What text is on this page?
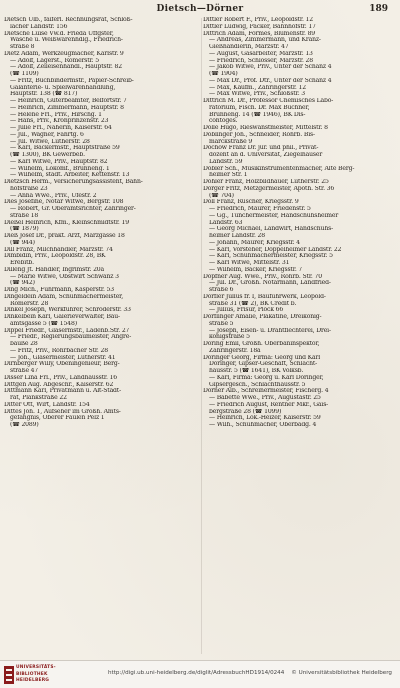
Dietsch—Dörner	189
Dietsch Ulb., faiferl. Rechnungsrat, Schloß-
lacher Landstr. 156
Dietsche Luise Vw.d. Frieda Uffgster,
Wäsche u. Weißwarenhdlg., Friedrich-
straße 8
Dietz Adam, Werkzeugmacher, Karlstr. 9
— Adolf, Lagerst., Römerstr. 5
— Adolf, Zeileisenhändl., Hauptstr. 82
(☎ 1109)
— Fritz, Buchbindermstr., Papier-Schreib-
Galanterie- u. Spielwarenhandlung,
Hauptstr. 138 (☎ 817)
— Heinrich, Güterbeamter, Belfortstr. 7
— Heinrich, Zimmermann, Hauptstr. 8
— Helene Frl., Priv., Hirschg. 1
— Hans, Priv., Kronprinzenstr. 23
— Julie Frl., Näherin, Kaiserstr. 64
— Jul., Wagner, Fahrtg. 6
— Jul. Witwe, Lutherstr. 28
— Karl, Bäckermstr., Hauptstraße 59
(☎ 1300), BK Gewerbeb.
— Karl Witwe, Priv., Hauptstr. 82
— Wilhelm, Lokomf., Brunneng. 1
— Wilhelm, städt. Arbeiter, Kettenstr. 13
Dietzsch Herm., Versicherungsassistent, Bahn-
hofstraße 23
— Anna Wwe., Priv., Ufestr. 2
Dies Josefine, Notar Witwe, Bergstr. 108
— Robert, Gr. Oberamtsrichter, Zähringer-
straße 18
Dießel Heinrich, Kfm., Kleinschmidtstr. 19
(☎ 1879)
Dieß Josef Dr., prakt. Arzt, Märzgasse 18
(☎ 944)
Dill Franz, Milchhändler, Märzstr. 74
Dimbidin, Priv., Leopoldstr. 28, BK
Erebitb.
Dilleng Jt. Händler, Ingrimstr. 20a
— Marie Witwe, Obstwirt Schwanz 3
(☎ 942)
Ding Mich., Fuhrmann, Kasperstr. 53
Dingeldein Adam, Schuhmachermeister,
Römerstr. 28
Dinkel Joseph, Werkführer, Schröderstr. 33
Dinkelbein Karl, Galerieverwalter, Bau-
amtsgasse 5 (☎ 1548)
Dippel Friedr., Glasermstr., Ladenb.Str. 27
— Friedr., Regierungsbaumeister, Angre-
bauße 28
— Fritz, Priv., Rohrbacher Str. 28
— Joh., Glasermeister, Lutherstr. 41
Dirnberger Willy, Obeningenieur, Berg-
straße 47
Disser Lina Frl., Priv., Landhausstr. 16
Dittgen Aug. Abgeschr., Kaiserstr. 62
Dittmann Karl, Privatmann u. Alt-Stadt-
rat, Plankstraße 22
Ditter Ott, Wirt, Landstr. 154
Dittes Joh. 1, Aufseher im Großh. Amts-
gefängnis, Oberer Faulen Pelz 1
(☎ 2089)
Dittler Robert F., Priv., Leopoldstr. 12
Dittler Ludwig, Packer, Bahnhofstr. 17
Dittrich Adam, Formes, Blumenstr. 89
— Andreas, Zimmermann, und Kranz-
Gießhändlerin, Märzstr. 47
— August, Gasarbeiter, Märzstr. 13
— Friedrich, Schlosser, Märzstr. 28
— Jakob Witwe, Priv., Unter der Schanz 4
(☎ 1904)
— Max Dr., Prof. Dtr., Unter der Schanz 4
— Max, Kaufm., Zähringerstr. 12
— Max Witwe, Priv., Schloßstr. 3
Dittrich M. Dr., Professor Chemisches Labo-
ratorium, Fisch. Dr. Max Buchner,
Brunneng. 14 (☎ 1946), BK Dis-
contoges.
Dölle Hugo, Rieswanstmeister, Mittelstr. 8
Doblinger Joh., Schneider, Rohrb. Bis-
marckstraße 9
Dochow Franz Dr. jur. und phil., Privat-
dozent an d. Universität, Ziegelhäuser
Landstr. 59
Döbler Sch., Musikinstrumentenmacher, Alte Berg-
heimer Str. 1
Döhler Franz, Holzbildhauer, Lutherstr. 25
Dörger Fritz, Metzgermeister, Apoth. Str. 36
(☎ 704)
Döll Franz, Rüscher, Kriegsstr. 9
— Friedrich, Maurer, Friedenstr. 5
— Gg., Tünchermeister, Handschuhsheimer
Landstr. 63
— Georg Michael, Landwirt, Handschuhs-
heimer Landstr. 28
— Johann, Maurer, Kriegsstr. 4
— Karl, Vorsteher, Doppelheimer Landstr. 22
— Karl, Schuhmachermeister, Kriegsstr. 5
— Karl Witwe, Mittelstr. 31
— Wilhelm, Bäcker, Kriegsstr. 7
Döpfner Aug. Wwe., Priv., Rohrb. Str. 70
— Jul. Dr., Großh. Notarmann, Landfried-
straße 6
Dörfler Julius fr. I, Baufuhrwerk, Leopold-
straße 31 (☎ 2), BK Credit b.
— Julius, Frisur, Plöck 66
Dörflinger Amalie, Plakatine, Dreikönig-
straße 5
— Joseph, Eisen- u. Drahtflechterei, Drei-
königstraße 5
Döring Emil, Großh. Oberbaninspektor,
Zähringerstr. 18a
Döringer Georg, Firma: Georg und Karl
Döringer, Gipser-Geschäft, Schlacht-
hausstr. 5 (☎ 1641), BK Volksb.
— Karl, Firma: Georg u. Karl Döringer,
Gipsergesch., Schlachthausstr. 5
Dörner Alb., Schreinermeister, Fischerg. 4
— Babette Wwe., Priv., Augustastr. 25
— Friedrich August, Rentner Mkr., Gais-
bergstraße 28 (☎ 1099)
— Heinrich, Lok.-Heizer, Kaiserstr. 59
— Wilh., Schuhmacher, Oberbadg. 4
UNIVERSITÄTS-
BIBLIOTHEK
HEIDELBERG
http://digi.ub.uni-heidelberg.de/diglit/AdressbuchHD1914/0244 © Universitätsbibliothek Heidelberg
